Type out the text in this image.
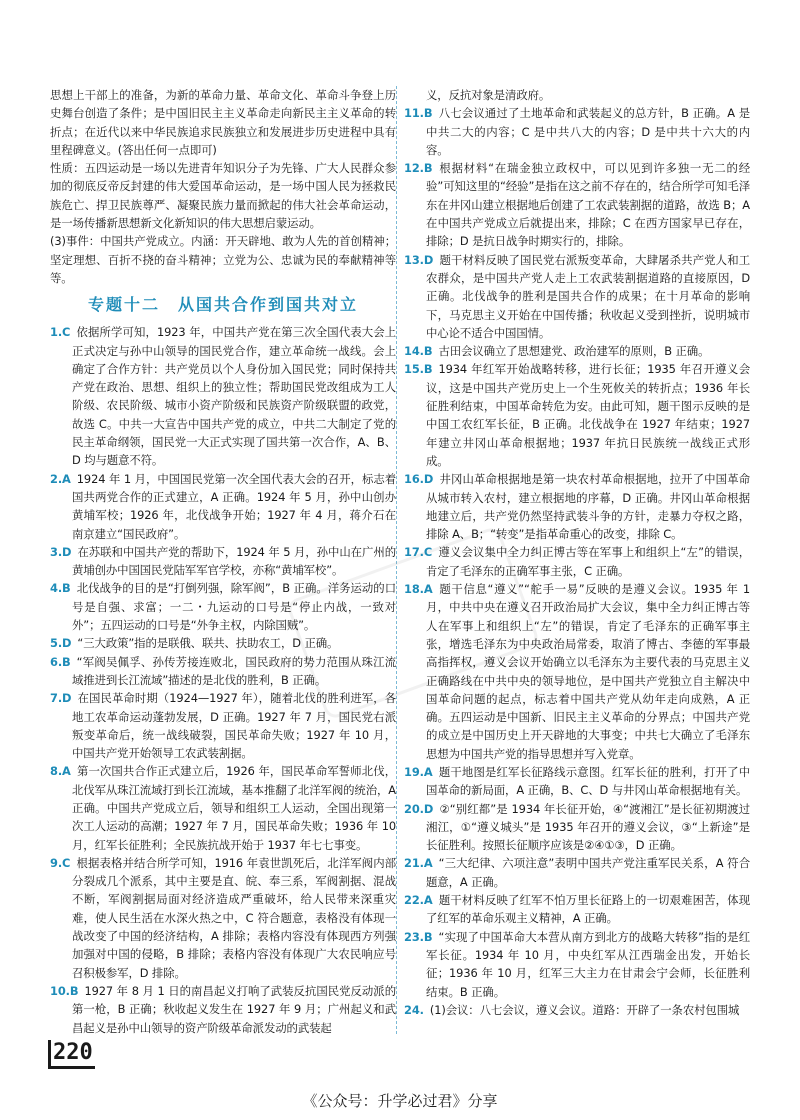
思想上干部上的准备，为新的革命力量、革命文化、革命斗争登上历史舞台创造了条件；是中国旧民主主义革命走向新民主主义革命的转折点；在近代以来中华民族追求民族独立和发展进步历史进程中具有里程碑意义。(答出任何一点即可)

性质：五四运动是一场以先进青年知识分子为先锋、广大人民群众参加的彻底反帝反封建的伟大爱国革命运动，是一场中国人民为拯救民族危亡、捍卫民族尊严、凝聚民族力量而掀起的伟大社会革命运动，是一场传播新思想新文化新知识的伟大思想启蒙运动。

(3)事件：中国共产党成立。内涵：开天辟地、敢为人先的首创精神；坚定理想、百折不挠的奋斗精神；立党为公、忠诚为民的奉献精神等等。

专题十二　从国共合作到国共对立

1.C 依据所学可知，1923 年，中国共产党在第三次全国代表大会上正式决定与孙中山领导的国民党合作，建立革命统一战线。会上确定了合作方针：共产党员以个人身份加入国民党；同时保持共产党在政治、思想、组织上的独立性；帮助国民党改组成为工人阶级、农民阶级、城市小资产阶级和民族资产阶级联盟的政党，故选 C。中共一大宣告中国共产党的成立，中共二大制定了党的民主革命纲领，国民党一大正式实现了国共第一次合作，A、B、D 均与题意不符。

2.A 1924 年 1 月，中国国民党第一次全国代表大会的召开，标志着国共两党合作的正式建立，A 正确。1924 年 5 月，孙中山创办黄埔军校；1926 年，北伐战争开始；1927 年 4 月，蒋介石在南京建立“国民政府”。

3.D 在苏联和中国共产党的帮助下，1924 年 5 月，孙中山在广州的黄埔创办中国国民党陆军军官学校，亦称“黄埔军校”。

4.B 北伐战争的目的是“打倒列强，除军阀”，B 正确。洋务运动的口号是自强、求富；一二・九运动的口号是“停止内战，一致对外”；五四运动的口号是“外争主权，内除国贼”。

5.D “三大政策”指的是联俄、联共、扶助农工，D 正确。

6.B “军阀吴佩孚、孙传芳接连败北，国民政府的势力范围从珠江流域推进到长江流域”描述的是北伐的胜利，B 正确。

7.D 在国民革命时期（1924—1927 年），随着北伐的胜利进军，各地工农革命运动蓬勃发展，D 正确。1927 年 7 月，国民党右派叛变革命后，统一战线破裂，国民革命失败；1927 年 10 月，中国共产党开始领导工农武装割据。

8.A 第一次国共合作正式建立后，1926 年，国民革命军誓师北伐，北伐军从珠江流域打到长江流域，基本推翻了北洋军阀的统治，A 正确。中国共产党成立后，领导和组织工人运动，全国出现第一次工人运动的高潮；1927 年 7 月，国民革命失败；1936 年 10 月，红军长征胜利；全民族抗战开始于 1937 年七七事变。

9.C 根据表格并结合所学可知，1916 年袁世凯死后，北洋军阀内部分裂成几个派系，其中主要是直、皖、奉三系，军阀割据、混战不断，军阀割据局面对经济造成严重破坏，给人民带来深重灾难，使人民生活在水深火热之中，C 符合题意，表格没有体现一战改变了中国的经济结构，A 排除；表格内容没有体现西方列强加强对中国的侵略，B 排除；表格内容没有体现广大农民响应号召积极参军，D 排除。

10.B 1927 年 8 月 1 日的南昌起义打响了武装反抗国民党反动派的第一枪，B 正确；秋收起义发生在 1927 年 9 月；广州起义和武昌起义是孙中山领导的资产阶级革命派发动的武装起

义，反抗对象是清政府。

11.B 八七会议通过了土地革命和武装起义的总方针，B 正确。A 是中共二大的内容；C 是中共八大的内容；D 是中共十六大的内容。

12.B 根据材料“在瑞金独立政权中，可以见到许多独一无二的经验”可知这里的“经验”是指在这之前不存在的，结合所学可知毛泽东在井冈山建立根据地后创建了工农武装割据的道路，故选 B；A 在中国共产党成立后就提出来，排除；C 在西方国家早已存在，排除；D 是抗日战争时期实行的，排除。

13.D 题干材料反映了国民党右派叛变革命，大肆屠杀共产党人和工农群众，是中国共产党人走上工农武装割据道路的直接原因，D 正确。北伐战争的胜利是国共合作的成果；在十月革命的影响下，马克思主义开始在中国传播；秋收起义受到挫折，说明城市中心论不适合中国国情。

14.B 古田会议确立了思想建党、政治建军的原则，B 正确。

15.B 1934 年红军开始战略转移，进行长征；1935 年召开遵义会议，这是中国共产党历史上一个生死攸关的转折点；1936 年长征胜利结束，中国革命转危为安。由此可知，题干图示反映的是中国工农红军长征，B 正确。北伐战争在 1927 年结束；1927 年建立井冈山革命根据地；1937 年抗日民族统一战线正式形成。

16.D 井冈山革命根据地是第一块农村革命根据地，拉开了中国革命从城市转入农村，建立根据地的序幕，D 正确。井冈山革命根据地建立后，共产党仍然坚持武装斗争的方针，走暴力夺权之路，排除 A、B；“转变”是指革命重心的改变，排除 C。

17.C 遵义会议集中全力纠正博古等在军事上和组织上“左”的错误，肯定了毛泽东的正确军事主张，C 正确。

18.A 题干信息“遵义”“舵手一易”反映的是遵义会议。1935 年 1 月，中共中央在遵义召开政治局扩大会议，集中全力纠正博古等人在军事上和组织上“左”的错误，肯定了毛泽东的正确军事主张，增选毛泽东为中央政治局常委，取消了博古、李德的军事最高指挥权，遵义会议开始确立以毛泽东为主要代表的马克思主义正确路线在中共中央的领导地位，是中国共产党独立自主解决中国革命问题的起点，标志着中国共产党从幼年走向成熟，A 正确。五四运动是中国新、旧民主主义革命的分界点；中国共产党的成立是中国历史上开天辟地的大事变；中共七大确立了毛泽东思想为中国共产党的指导思想并写入党章。

19.A 题干地图是红军长征路线示意图。红军长征的胜利，打开了中国革命的新局面，A 正确，B、C、D 与井冈山革命根据地有关。

20.D ②“别红都”是 1934 年长征开始，④“渡湘江”是长征初期渡过湘江，①“遵义城头”是 1935 年召开的遵义会议，③“上新途”是长征胜利。按照长征顺序应该是②④①③，D 正确。

21.A “三大纪律、六项注意”表明中国共产党注重军民关系，A 符合题意，A 正确。

22.A 题干材料反映了红军不怕万里长征路上的一切艰难困苦，体现了红军的革命乐观主义精神，A 正确。

23.B “实现了中国革命大本营从南方到北方的战略大转移”指的是红军长征。1934 年 10 月，中央红军从江西瑞金出发，开始长征；1936 年 10 月，红军三大主力在甘肃会宁会师，长征胜利结束。B 正确。

24. (1)会议：八七会议，遵义会议。道路：开辟了一条农村包围城

220
《公众号：升学必过君》分享
